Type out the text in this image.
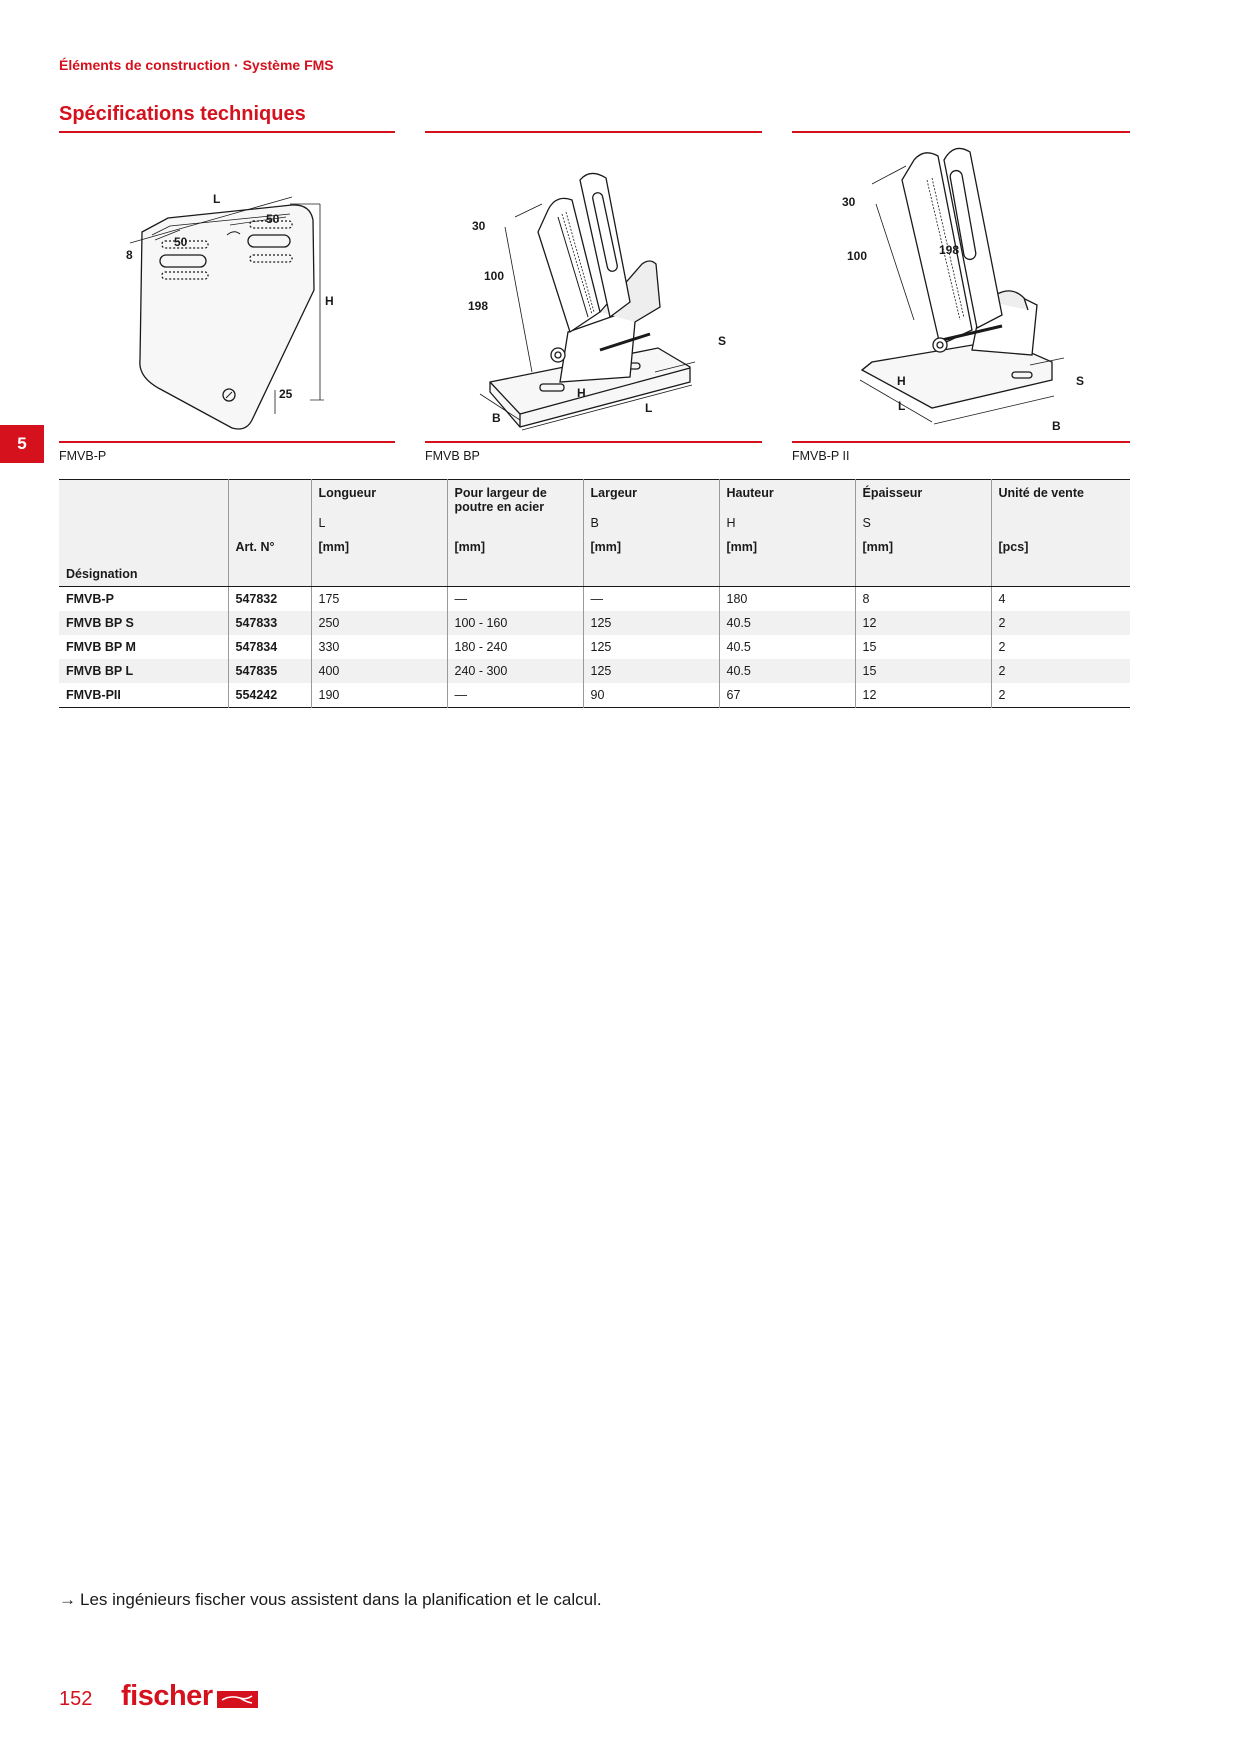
Éléments de construction · Système FMS
Spécifications techniques
5
L
50
50
8
H
25
30
100
198
S
H
B
L
30
100	198
S
H
L
B
FMVB-P	FMVB BP	FMVB-P II
		Longueur	Pour largeur de poutre en acier	Largeur	Hauteur	Épaisseur	Unité de vente
		L		B	H	S	
	Art. N°	[mm]	[mm]	[mm]	[mm]	[mm]	[pcs]
Désignation							
FMVB-P	547832	175	—	—	180	8	4
FMVB BP S	547833	250	100 - 160	125	40.5	12	2
FMVB BP M	547834	330	180 - 240	125	40.5	15	2
FMVB BP L	547835	400	240 - 300	125	40.5	15	2
FMVB-PII	554242	190	—	90	67	12	2
→ Les ingénieurs fischer vous assistent dans la planification et le calcul.
152 fischer
